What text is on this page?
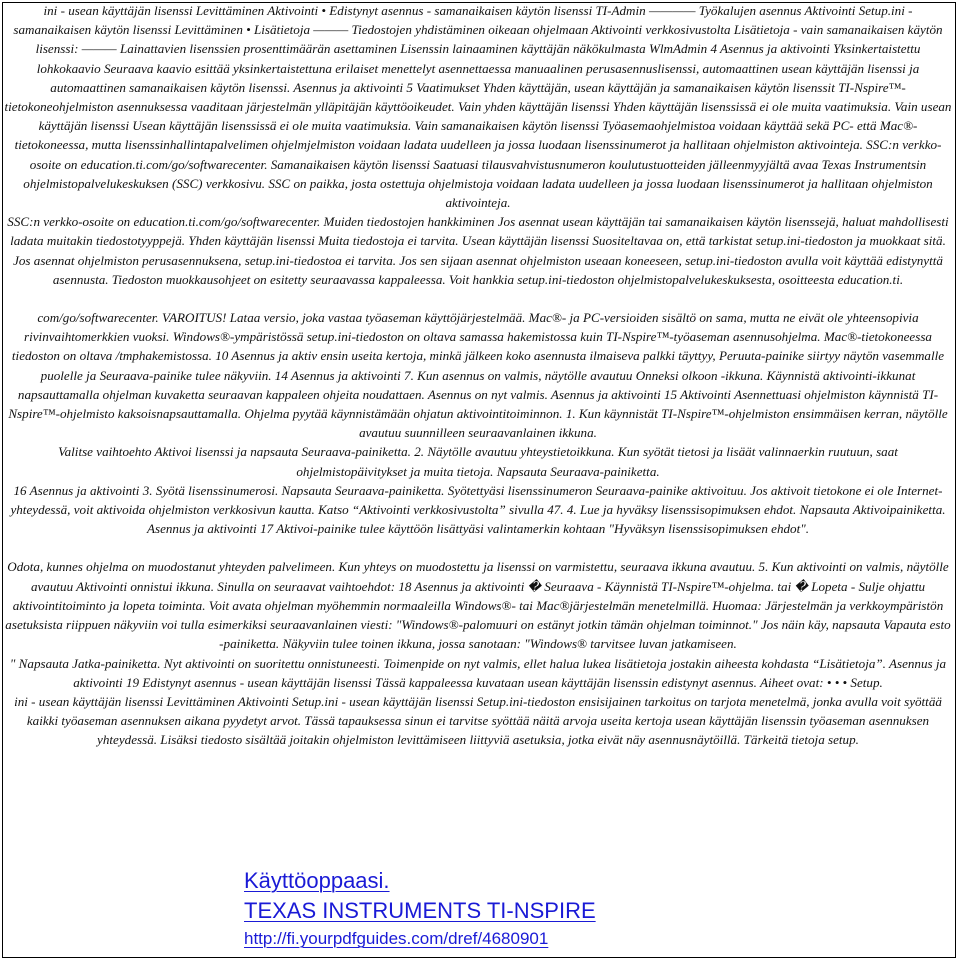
ini - usean käyttäjän lisenssi Levittäminen Aktivointi • Edistynyt asennus - samanaikaisen käytön lisenssi TI-Admin ———— Työkalujen asennus Aktivointi Setup.ini - samanaikaisen käytön lisenssi Levittäminen • Lisätietoja ——— Tiedostojen yhdistäminen oikeaan ohjelmaan Aktivointi verkkosivustolta Lisätietoja - vain samanaikaisen käytön lisenssi: ——— Lainattavien lisenssien prosenttimäärän asettaminen Lisenssin lainaaminen käyttäjän näkökulmasta WlmAdmin 4 Asennus ja aktivointi Yksinkertaistettu lohkokaavio Seuraava kaavio esittää yksinkertaistettuna erilaiset menettelyt asennettaessa manuaalinen perusasennuslisenssi, automaattinen usean käyttäjän lisenssi ja automaattinen samanaikaisen käytön lisenssi. Asennus ja aktivointi 5 Vaatimukset Yhden käyttäjän, usean käyttäjän ja samanaikaisen käytön lisenssit TI-Nspire™-tietokoneohjelmiston asennuksessa vaaditaan järjestelmän ylläpitäjän käyttöoikeudet. Vain yhden käyttäjän lisenssi Yhden käyttäjän lisenssissä ei ole muita vaatimuksia. Vain usean käyttäjän lisenssi Usean käyttäjän lisenssissä ei ole muita vaatimuksia. Vain samanaikaisen käytön lisenssi Työasemaohjelmistoa voidaan käyttää sekä PC- että Mac®-tietokoneessa, mutta lisenssinhallintapalvelimen ohjelmjelmiston voidaan ladata uudelleen ja jossa luodaan lisenssinumerot ja hallitaan ohjelmiston aktivointeja. SSC:n verkko-osoite on education.ti.com/go/softwarecenter. Samanaikaisen käytön lisenssi Saatuasi tilausvahvistusnumeron koulutustuotteiden jälleenmyyjältä avaa Texas Instrumentsin ohjelmistopalvelukeskuksen (SSC) verkkosivu. SSC on paikka, josta ostettuja ohjelmistoja voidaan ladata uudelleen ja jossa luodaan lisenssinumerot ja hallitaan ohjelmiston aktivointeja.

SSC:n verkko-osoite on education.ti.com/go/softwarecenter. Muiden tiedostojen hankkiminen Jos asennat usean käyttäjän tai samanaikaisen käytön lisenssejä, haluat mahdollisesti ladata muitakin tiedostotyyppejä. Yhden käyttäjän lisenssi Muita tiedostoja ei tarvita. Usean käyttäjän lisenssi Suositeltavaa on, että tarkistat setup.ini-tiedoston ja muokkaat sitä. Jos asennat ohjelmiston perusasennuksena, setup.ini-tiedostoa ei tarvita. Jos sen sijaan asennat ohjelmiston useaan koneeseen, setup.ini-tiedoston avulla voit käyttää edistynyttä asennusta. Tiedoston muokkausohjeet on esitetty seuraavassa kappaleessa. Voit hankkia setup.ini-tiedoston ohjelmistopalvelukeskuksesta, osoitteesta education.ti.

com/go/softwarecenter. VAROITUS! Lataa versio, joka vastaa työaseman käyttöjärjestelmää. Mac®- ja PC-versioiden sisältö on sama, mutta ne eivät ole yhteensopivia rivinvaihtomerkkien vuoksi. Windows®-ympäristössä setup.ini-tiedoston on oltava samassa hakemistossa kuin TI-Nspire™-työaseman asennusohjelma. Mac®-tietokoneessa tiedoston on oltava /tmphakemistossa. 10 Asennus ja aktiv ensin useita kertoja, minkä jälkeen koko asennusta ilmaiseva palkki täyttyy, Peruuta-painike siirtyy näytön vasemmalle puolelle ja Seuraava-painike tulee näkyviin. 14 Asennus ja aktivointi 7. Kun asennus on valmis, näytölle avautuu Onneksi olkoon -ikkuna. Käynnistä aktivointi-ikkunat napsauttamalla ohjelman kuvaketta seuraavan kappaleen ohjeita noudattaen. Asennus on nyt valmis. Asennus ja aktivointi 15 Aktivointi Asennettuasi ohjelmiston käynnistä TI-Nspire™-ohjelmisto kaksoisnapsauttamalla. Ohjelma pyytää käynnistämään ohjatun aktivointitoiminnon. 1. Kun käynnistät TI-Nspire™-ohjelmiston ensimmäisen kerran, näytölle avautuu suunnilleen seuraavanlainen ikkuna.

Valitse vaihtoehto Aktivoi lisenssi ja napsauta Seuraava-painiketta. 2. Näytölle avautuu yhteystietoikkuna. Kun syötät tietosi ja lisäät valinnaerkin ruutuun, saat ohjelmistopäivitykset ja muita tietoja. Napsauta Seuraava-painiketta.

16 Asennus ja aktivointi 3. Syötä lisenssinumerosi. Napsauta Seuraava-painiketta. Syötettyäsi lisenssinumeron Seuraava-painike aktivoituu. Jos aktivoit tietokone ei ole Internet-yhteydessä, voit aktivoida ohjelmiston verkkosivun kautta. Katso “Aktivointi verkkosivustolta” sivulla 47. 4. Lue ja hyväksy lisenssisopimuksen ehdot. Napsauta Aktivoipainiketta. Asennus ja aktivointi 17 Aktivoi-painike tulee käyttöön lisättyäsi valintamerkin kohtaan "Hyväksyn lisenssisopimuksen ehdot".

Odota, kunnes ohjelma on muodostanut yhteyden palvelimeen. Kun yhteys on muodostettu ja lisenssi on varmistettu, seuraava ikkuna avautuu. 5. Kun aktivointi on valmis, näytölle avautuu Aktivointi onnistui ikkuna. Sinulla on seuraavat vaihtoehdot: 18 Asennus ja aktivointi � Seuraava - Käynnistä TI-Nspire™-ohjelma. tai � Lopeta - Sulje ohjattu aktivointitoiminto ja lopeta toiminta. Voit avata ohjelman myöhemmin normaaleilla Windows®- tai Mac®järjestelmän menetelmillä. Huomaa: Järjestelmän ja verkkoympäristön asetuksista riippuen näkyviin voi tulla esimerkiksi seuraavanlainen viesti: "Windows®-palomuuri on estänyt jotkin tämän ohjelman toiminnot." Jos näin käy, napsauta Vapauta esto -painiketta. Näkyviin tulee toinen ikkuna, jossa sanotaan: "Windows® tarvitsee luvan jatkamiseen.

" Napsauta Jatka-painiketta. Nyt aktivointi on suoritettu onnistuneesti. Toimenpide on nyt valmis, ellet halua lukea lisätietoja jostakin aiheesta kohdasta “Lisätietoja”. Asennus ja aktivointi 19 Edistynyt asennus - usean käyttäjän lisenssi Tässä kappaleessa kuvataan usean käyttäjän lisenssin edistynyt asennus. Aiheet ovat: • • • Setup.

ini - usean käyttäjän lisenssi Levittäminen Aktivointi Setup.ini - usean käyttäjän lisenssi Setup.ini-tiedoston ensisijainen tarkoitus on tarjota menetelmä, jonka avulla voit syöttää kaikki työaseman asennuksen aikana pyydetyt arvot. Tässä tapauksessa sinun ei tarvitse syöttää näitä arvoja useita kertoja usean käyttäjän lisenssin työaseman asennuksen yhteydessä. Lisäksi tiedosto sisältää joitakin ohjelmiston levittämiseen liittyviä asetuksia, jotka eivät näy asennusnäytöillä. Tärkeitä tietoja setup.

Käyttöoppaasi.
TEXAS INSTRUMENTS TI-NSPIRE
http://fi.yourpdfguides.com/dref/4680901
